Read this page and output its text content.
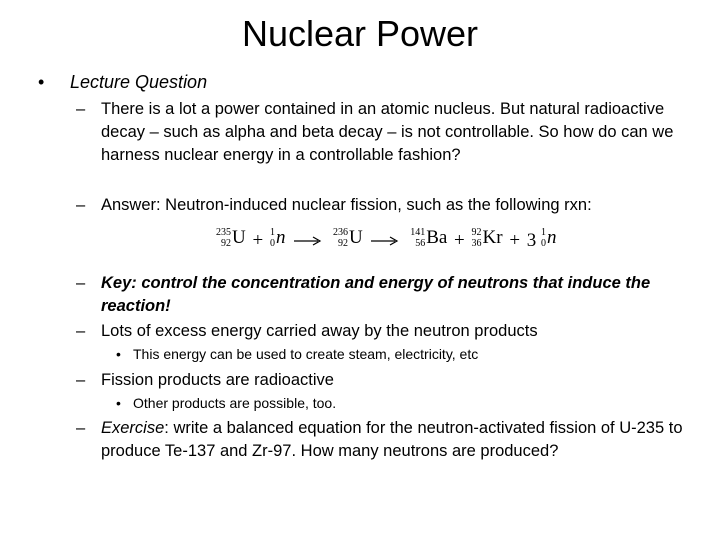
Nuclear Power
• Lecture Question
– There is a lot a power contained in an atomic nucleus. But natural radioactive decay – such as alpha and beta decay – is not controllable. So how do can we harness nuclear energy in a controllable fashion?
– Answer: Neutron-induced nuclear fission, such as the following rxn:
235
92 U + 1
0 n	236
92 U	141
56 Ba + 92
36 Kr + 3 1
0 n
– Key: control the concentration and energy of neutrons that induce the reaction!
– Lots of excess energy carried away by the neutron products
• This energy can be used to create steam, electricity, etc
– Fission products are radioactive
• Other products are possible, too.
– Exercise: write a balanced equation for the neutron-activated fission of U-235 to produce Te-137 and Zr-97. How many neutrons are produced?
